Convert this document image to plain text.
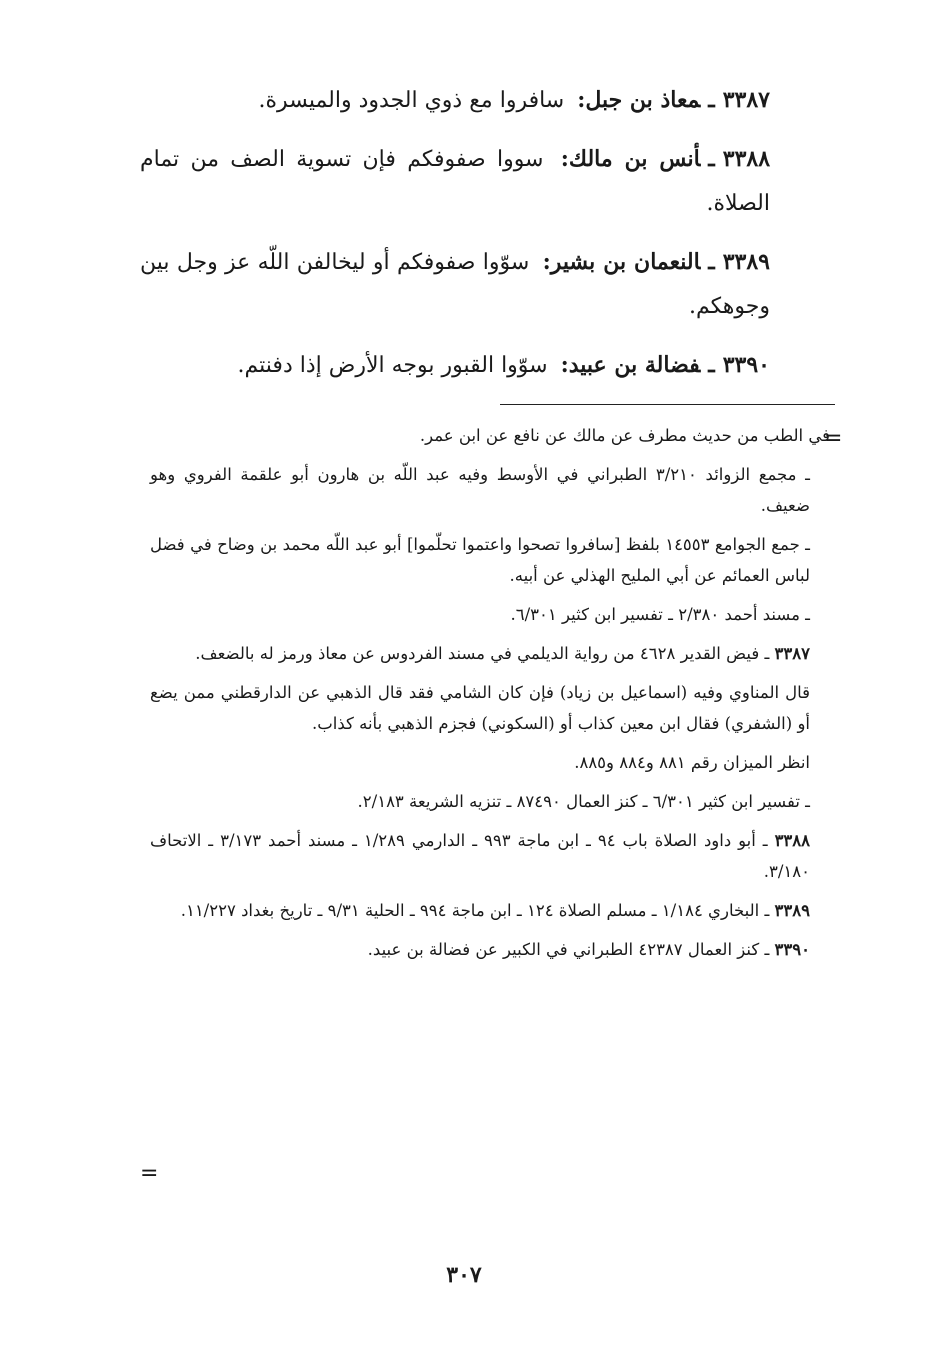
٣٣٨٧ـمعاذ بن جبل: سافروا مع ذوي الجدود والميسرة.

٣٣٨٨ـأنس بن مالك: سووا صفوفكم فإن تسوية الصف من تمام الصلاة.

٣٣٨٩ـالنعمان بن بشير: سوّوا صفوفكم أو ليخالفن اللّه عز وجل بين وجوهكم.

٣٣٩٠ـفضالة بن عبيد: سوّوا القبور بوجه الأرض إذا دفنتم.

=

في الطب من حديث مطرف عن مالك عن نافع عن ابن عمر.

ـ مجمع الزوائد ٣/٢١٠ الطبراني في الأوسط وفيه عبد اللّه بن هارون أبو علقمة الفروي وهو ضعيف.

ـ جمع الجوامع ١٤٥٥٣ بلفظ [سافروا تصحوا واعتموا تحلّموا] أبو عبد اللّه محمد بن وضاح في فضل لباس العمائم عن أبي المليح الهذلي عن أبيه.

ـ مسند أحمد ٢/٣٨٠ ـ تفسير ابن كثير ٦/٣٠١.

٣٣٨٧ ـ فيض القدير ٤٦٢٨ من رواية الديلمي في مسند الفردوس عن معاذ ورمز له بالضعف.

قال المناوي وفيه (اسماعيل بن زياد) فإن كان الشامي فقد قال الذهبي عن الدارقطني ممن يضع أو (الشفري) فقال ابن معين كذاب أو (السكوني) فجزم الذهبي بأنه كذاب.

انظر الميزان رقم ٨٨١ و٨٨٤ و٨٨٥.

ـ تفسير ابن كثير ٦/٣٠١ ـ كنز العمال ٨٧٤٩٠ ـ تنزيه الشريعة ٢/١٨٣.

٣٣٨٨ ـ أبو داود الصلاة باب ٩٤ ـ ابن ماجة ٩٩٣ ـ الدارمي ١/٢٨٩ ـ مسند أحمد ٣/١٧٣ ـ الاتحاف ٣/١٨٠.

٣٣٨٩ ـ البخاري ١/١٨٤ ـ مسلم الصلاة ١٢٤ ـ ابن ماجة ٩٩٤ ـ الحلية ٩/٣١ ـ تاريخ بغداد ١١/٢٢٧.

٣٣٩٠ ـ كنز العمال ٤٢٣٨٧ الطبراني في الكبير عن فضالة بن عبيد.

=
٣٠٧
